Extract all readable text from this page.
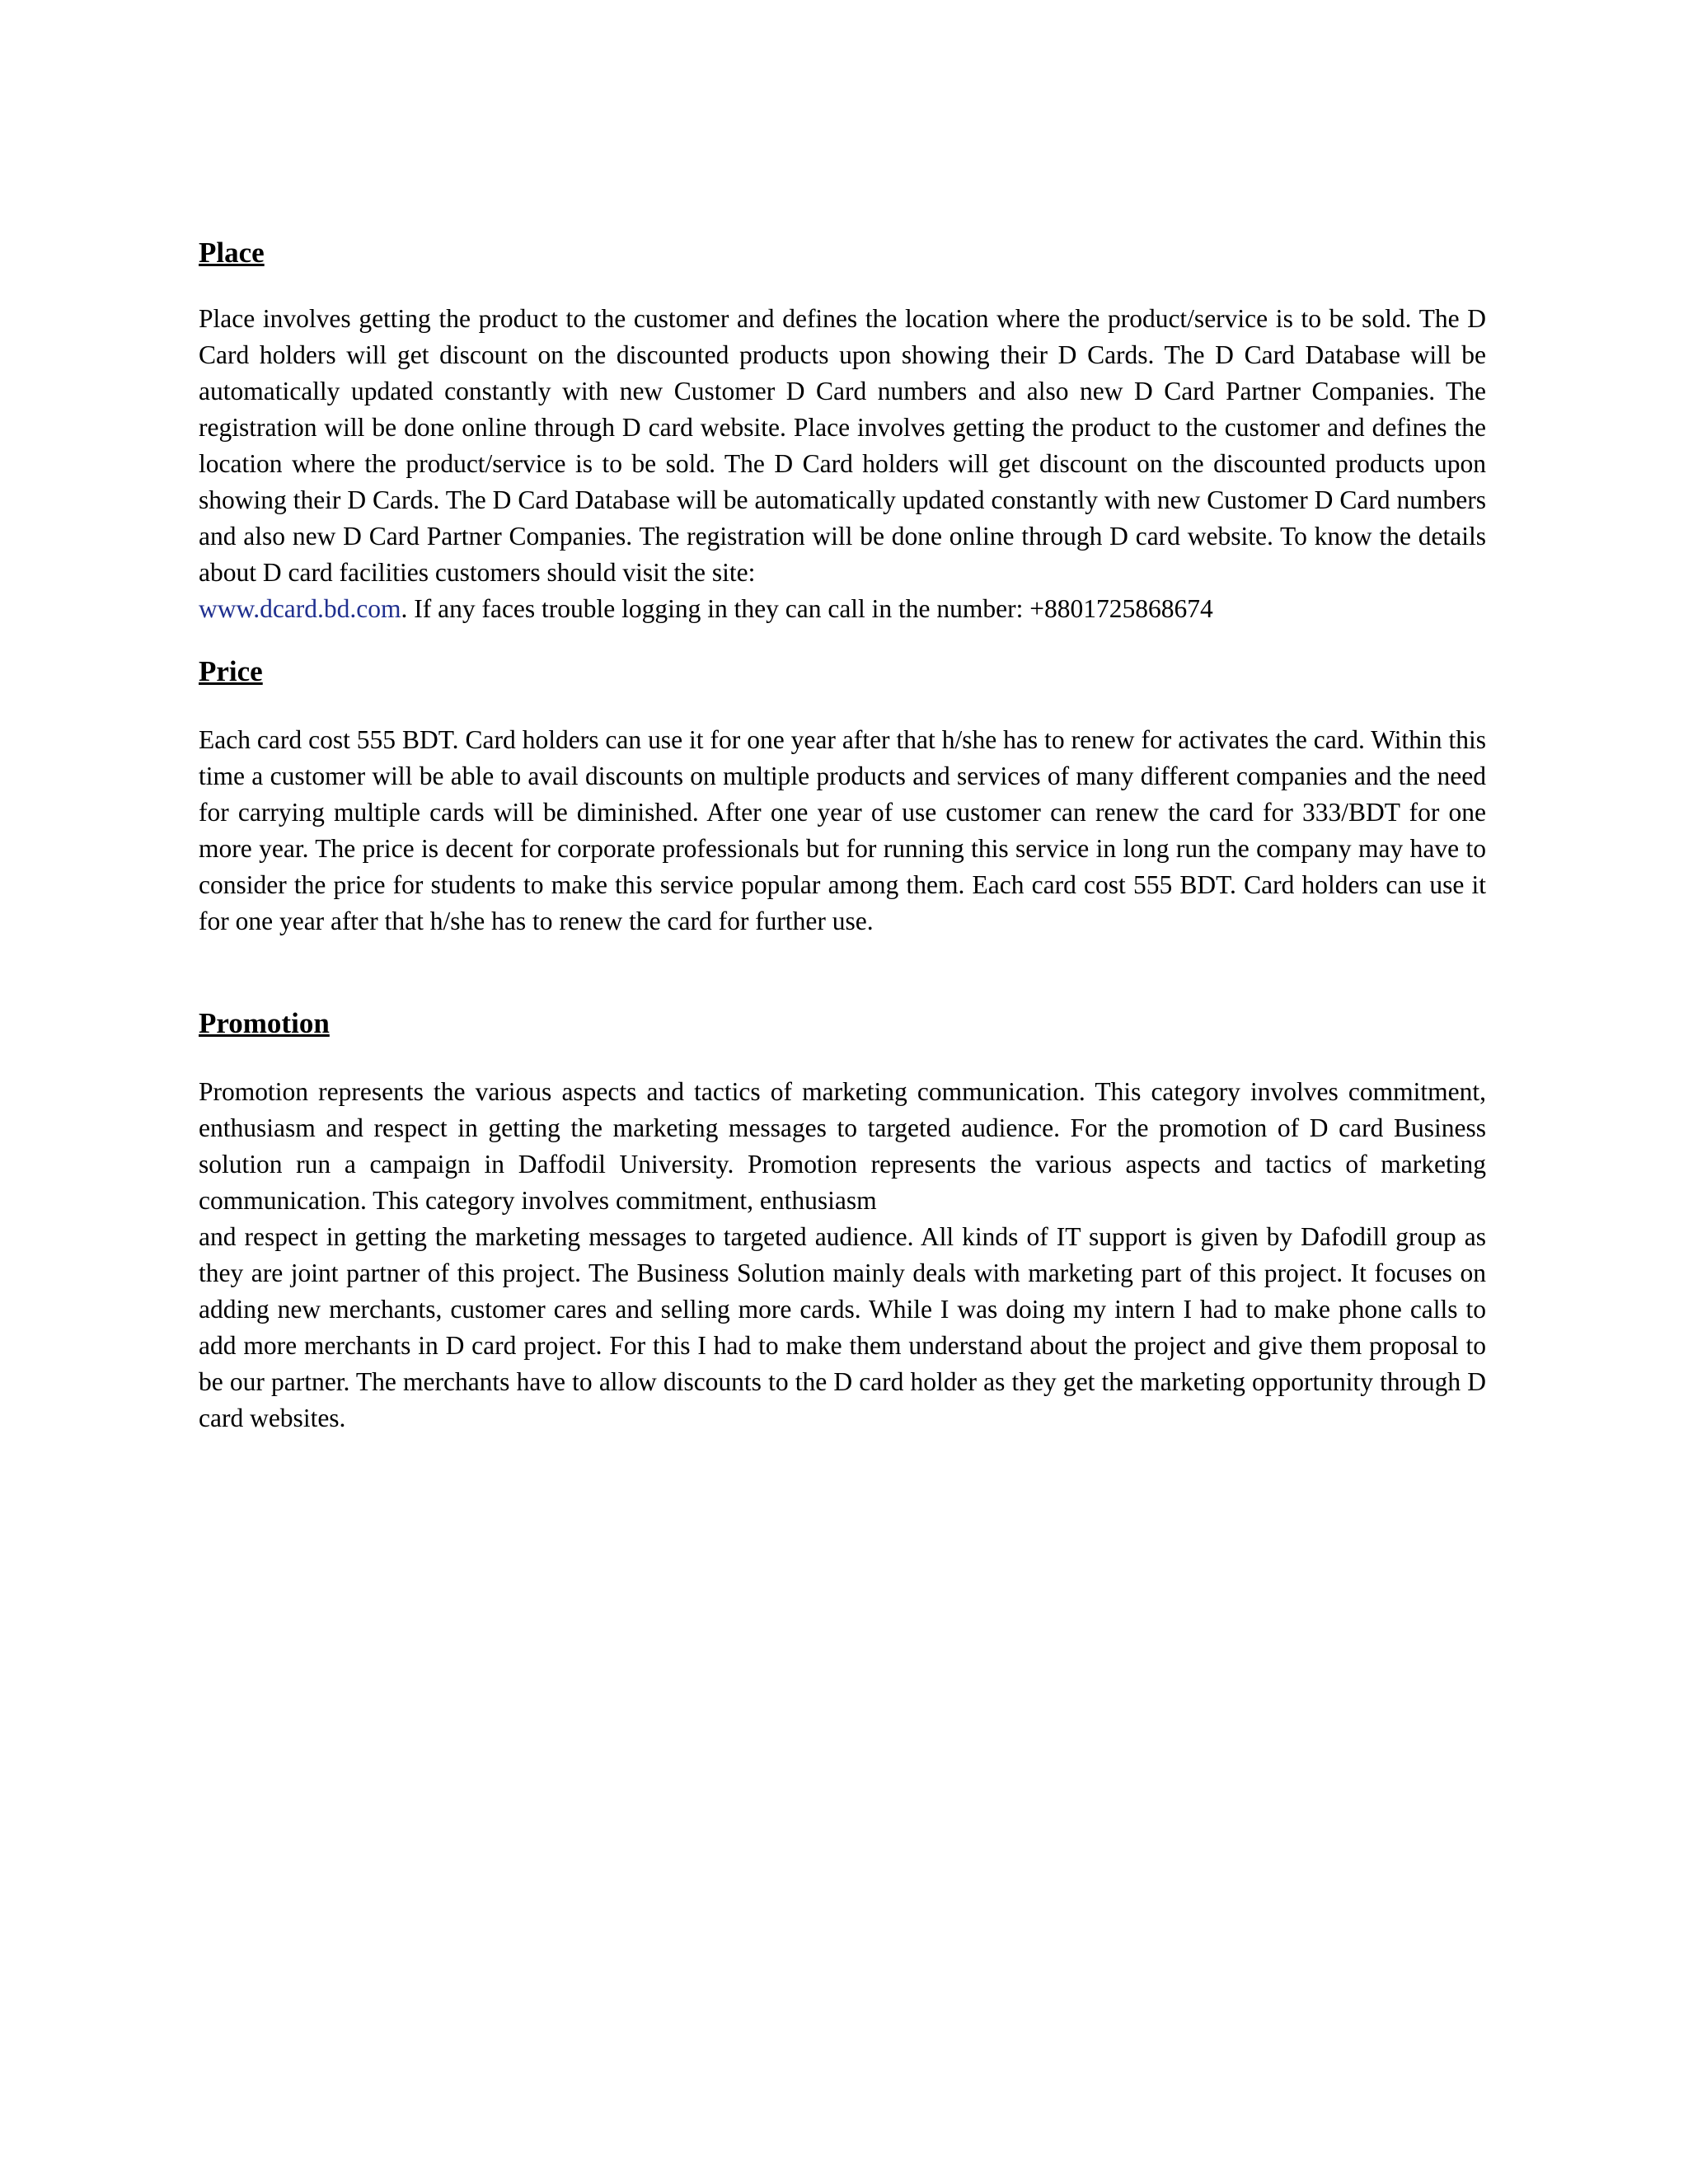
Place

Place involves getting the product to the customer and defines the location where the product/service is to be sold. The D Card holders will get discount on the discounted products upon showing their D Cards. The D Card Database will be automatically updated constantly with new Customer D Card numbers and also new D Card Partner Companies. The registration will be done online through D card website. Place involves getting the product to the customer and defines the location where the product/service is to be sold. The D Card holders will get discount on the discounted products upon showing their D Cards. The D Card Database will be automatically updated constantly with new Customer D Card numbers and also new D Card Partner Companies. The registration will be done online through D card website. To know the details about D card facilities customers should visit the site:
www.dcard.bd.com. If any faces trouble logging in they can call in the number: +8801725868674

Price

Each card cost 555 BDT. Card holders can use it for one year after that h/she has to renew for activates the card. Within this time a customer will be able to avail discounts on multiple products and services of many different companies and the need for carrying multiple cards will be diminished. After one year of use customer can renew the card for 333/BDT for one more year. The price is decent for corporate professionals but for running this service in long run the company may have to consider the price for students to make this service popular among them. Each card cost 555 BDT. Card holders can use it for one year after that h/she has to renew the card for further use.

Promotion

Promotion represents the various aspects and tactics of marketing communication. This category involves commitment, enthusiasm and respect in getting the marketing messages to targeted audience. For the promotion of D card Business solution run a campaign in Daffodil University. Promotion represents the various aspects and tactics of marketing communication. This category involves commitment, enthusiasm
and respect in getting the marketing messages to targeted audience. All kinds of IT support is given by Dafodill group as they are joint partner of this project. The Business Solution mainly deals with marketing part of this project. It focuses on adding new merchants, customer cares and selling more cards. While I was doing my intern I had to make phone calls to add more merchants in D card project. For this I had to make them understand about the project and give them proposal to be our partner. The merchants have to allow discounts to the D card holder as they get the marketing opportunity through D card websites.
